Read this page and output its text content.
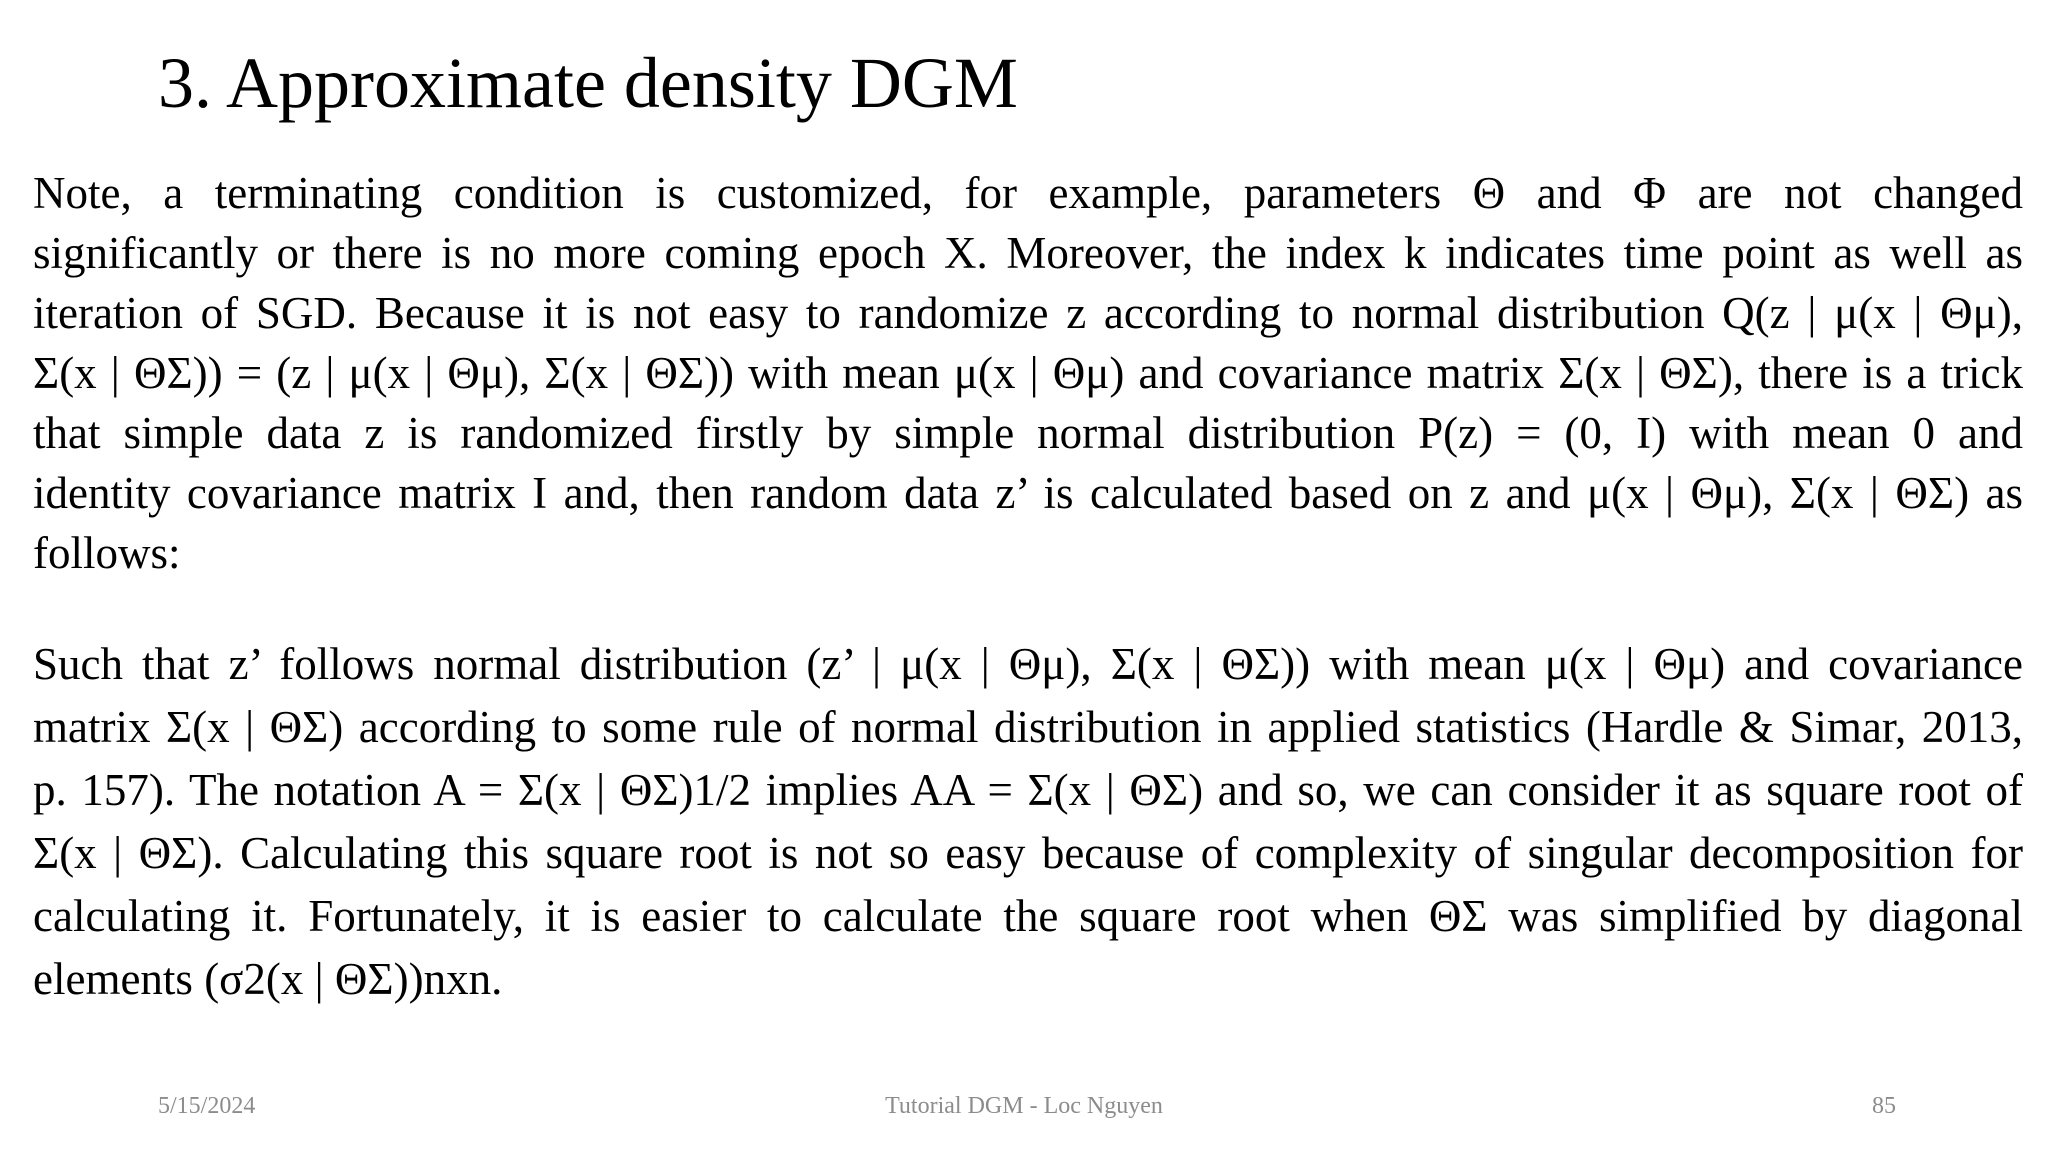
3. Approximate density DGM
Note, a terminating condition is customized, for example, parameters Θ and Φ are not changed
significantly or there is no more coming epoch X. Moreover, the index k indicates time point as well as
iteration of SGD. Because it is not easy to randomize z according to normal distribution Q(z | μ(x | Θμ),
Σ(x | ΘΣ)) = (z | μ(x | Θμ), Σ(x | ΘΣ)) with mean μ(x | Θμ) and covariance matrix Σ(x | ΘΣ), there is a trick
that simple data z is randomized firstly by simple normal distribution P(z) = (0, I) with mean 0 and
identity covariance matrix I and, then random data z’ is calculated based on z and μ(x | Θμ), Σ(x | ΘΣ) as
follows:
Such that z’ follows normal distribution (z’ | μ(x | Θμ), Σ(x | ΘΣ)) with mean μ(x | Θμ) and covariance
matrix Σ(x | ΘΣ) according to some rule of normal distribution in applied statistics (Hardle & Simar, 2013,
p. 157). The notation A = Σ(x | ΘΣ)1/2 implies AA = Σ(x | ΘΣ) and so, we can consider it as square root of
Σ(x | ΘΣ). Calculating this square root is not so easy because of complexity of singular decomposition for
calculating it. Fortunately, it is easier to calculate the square root when ΘΣ was simplified by diagonal
elements (σ2(x | ΘΣ))nxn.
5/15/2024	Tutorial DGM - Loc Nguyen	85
